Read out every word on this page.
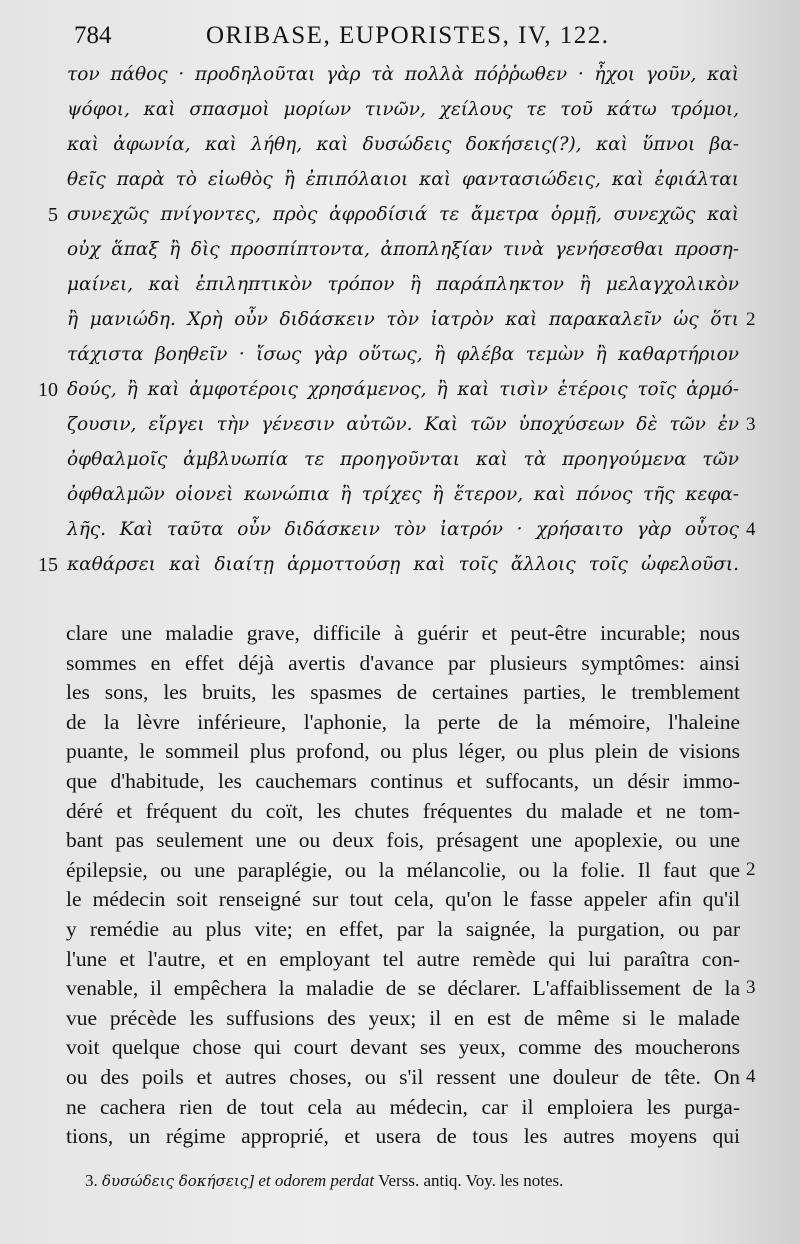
784	ORIBASE, EUPORISTES, IV, 122.
τον πάθος · προδηλοῦται γὰρ τὰ πολλὰ πόῤῥωθεν · ἦχοι γοῦν, καὶ
ψόφοι, καὶ σπασμοὶ μορίων τινῶν, χείλους τε τοῦ κάτω τρόμοι,
καὶ ἀφωνία, καὶ λήθη, καὶ δυσώδεις δοκήσεις(?), καὶ ὕπνοι βα-
θεῖς παρὰ τὸ εἰωθὸς ἢ ἐπιπόλαιοι καὶ φαντασιώδεις, καὶ ἐφιάλται
5 συνεχῶς πνίγοντες, πρὸς ἀφροδίσιά τε ἄμετρα ὁρμῇ, συνεχῶς καὶ
οὐχ ἅπαξ ἢ δὶς προσπίπτοντα, ἀποπληξίαν τινὰ γενήσεσθαι προση-
μαίνει, καὶ ἐπιληπτικὸν τρόπον ἢ παράπληκτον ἢ μελαγχολικὸν
ἢ μανιώδη. Χρὴ οὖν διδάσκειν τὸν ἰατρὸν καὶ παρακαλεῖν ὡς ὅτι 2
τάχιστα βοηθεῖν · ἴσως γὰρ οὕτως, ἢ φλέβα τεμὼν ἢ καθαρτήριον
10 δούς, ἢ καὶ ἀμφοτέροις χρησάμενος, ἢ καὶ τισὶν ἑτέροις τοῖς ἁρμό-
ζουσιν, εἴργει τὴν γένεσιν αὐτῶν. Καὶ τῶν ὑποχύσεων δὲ τῶν ἐν 3
ὀφθαλμοῖς ἀμβλυωπία τε προηγοῦνται καὶ τὰ προηγούμενα τῶν
ὀφθαλμῶν οἱονεὶ κωνώπια ἢ τρίχες ἢ ἕτερον, καὶ πόνος τῆς κεφα-
λῆς. Καὶ ταῦτα οὖν διδάσκειν τὸν ἰατρόν · χρήσαιτο γὰρ οὗτος 4
15 καθάρσει καὶ διαίτῃ ἁρμοττούσῃ καὶ τοῖς ἄλλοις τοῖς ὠφελοῦσι.
clare une maladie grave, difficile à guérir et peut-être incurable; nous
sommes en effet déjà avertis d'avance par plusieurs symptômes: ainsi
les sons, les bruits, les spasmes de certaines parties, le tremblement
de la lèvre inférieure, l'aphonie, la perte de la mémoire, l'haleine
puante, le sommeil plus profond, ou plus léger, ou plus plein de visions
que d'habitude, les cauchemars continus et suffocants, un désir immo-
déré et fréquent du coït, les chutes fréquentes du malade et ne tom-
bant pas seulement une ou deux fois, présagent une apoplexie, ou une
épilepsie, ou une paraplégie, ou la mélancolie, ou la folie. Il faut que 2
le médecin soit renseigné sur tout cela, qu'on le fasse appeler afin qu'il
y remédie au plus vite; en effet, par la saignée, la purgation, ou par
l'une et l'autre, et en employant tel autre remède qui lui paraîtra con-
venable, il empêchera la maladie de se déclarer. L'affaiblissement de la 3
vue précède les suffusions des yeux; il en est de même si le malade
voit quelque chose qui court devant ses yeux, comme des moucherons
ou des poils et autres choses, ou s'il ressent une douleur de tête. On 4
ne cachera rien de tout cela au médecin, car il emploiera les purga-
tions, un régime approprié, et usera de tous les autres moyens qui
3. δυσώδεις δοκήσεις] et odorem perdat Verss. antiq. Voy. les notes.
